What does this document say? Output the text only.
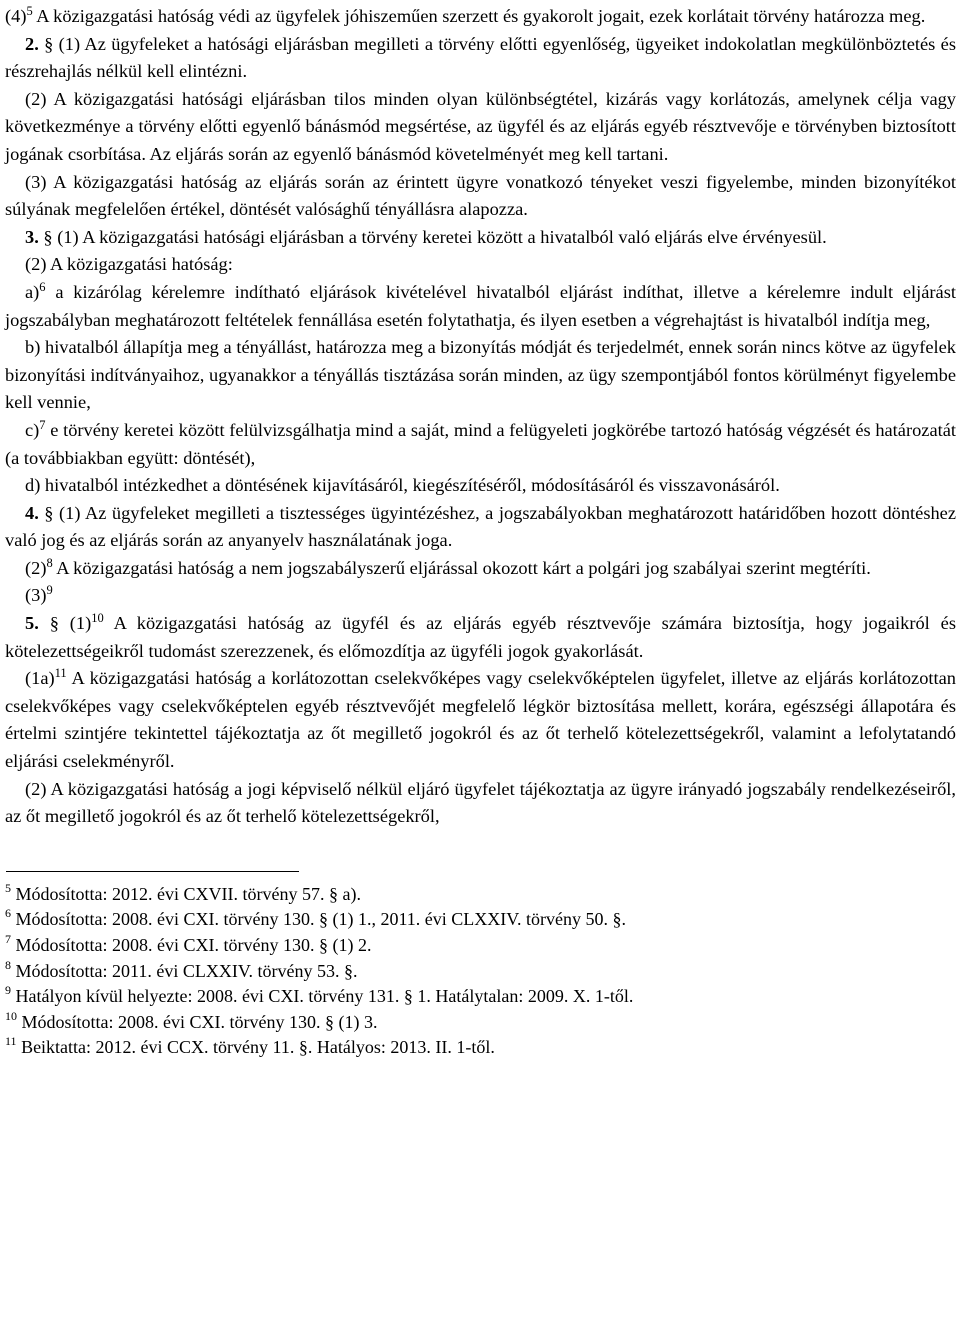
$(4)^5$ A közigazgatási hatóság védi az ügyfelek jóhiszeműen szerzett és gyakorolt jogait, ezek korlátait törvény határozza meg.

2. § (1) Az ügyfeleket a hatósági eljárásban megilleti a törvény előtti egyenlőség, ügyeiket indokolatlan megkülönböztetés és részrehajlás nélkül kell elintézni.

(2) A közigazgatási hatósági eljárásban tilos minden olyan különbségtétel, kizárás vagy korlátozás, amelynek célja vagy következménye a törvény előtti egyenlő bánásmód megsértése, az ügyfél és az eljárás egyéb résztvevője e törvényben biztosított jogának csorbítása. Az eljárás során az egyenlő bánásmód követelményét meg kell tartani.

(3) A közigazgatási hatóság az eljárás során az érintett ügyre vonatkozó tényeket veszi figyelembe, minden bizonyítékot súlyának megfelelően értékel, döntését valósághű tényállásra alapozza.

3. § (1) A közigazgatási hatósági eljárásban a törvény keretei között a hivatalból való eljárás elve érvényesül.

(2) A közigazgatási hatóság:

a)$^6$ a kizárólag kérelemre indítható eljárások kivételével hivatalból eljárást indíthat, illetve a kérelemre indult eljárást jogszabályban meghatározott feltételek fennállása esetén folytathatja, és ilyen esetben a végrehajtást is hivatalból indítja meg,

b) hivatalból állapítja meg a tényállást, határozza meg a bizonyítás módját és terjedelmét, ennek során nincs kötve az ügyfelek bizonyítási indítványaihoz, ugyanakkor a tényállás tisztázása során minden, az ügy szempontjából fontos körülményt figyelembe kell vennie,

c)$^7$ e törvény keretei között felülvizsgálhatja mind a saját, mind a felügyeleti jogkörébe tartozó hatóság végzését és határozatát (a továbbiakban együtt: döntését),

d) hivatalból intézkedhet a döntésének kijavításáról, kiegészítéséről, módosításáról és visszavonásáról.

4. § (1) Az ügyfeleket megilleti a tisztességes ügyintézéshez, a jogszabályokban meghatározott határidőben hozott döntéshez való jog és az eljárás során az anyanyelv használatának joga.

$(2)^8$ A közigazgatási hatóság a nem jogszabályszerű eljárással okozott kárt a polgári jog szabályai szerint megtéríti.

$(3)^9$

5. § $(1)^{10}$ A közigazgatási hatóság az ügyfél és az eljárás egyéb résztvevője számára biztosítja, hogy jogaikról és kötelezettségeikről tudomást szerezzenek, és előmozdítja az ügyféli jogok gyakorlását.

$(1a)^{11}$ A közigazgatási hatóság a korlátozottan cselekvőképes vagy cselekvőképtelen ügyfelet, illetve az eljárás korlátozottan cselekvőképes vagy cselekvőképtelen egyéb résztvevőjét megfelelő légkör biztosítása mellett, korára, egészségi állapotára és értelmi szintjére tekintettel tájékoztatja az őt megillető jogokról és az őt terhelő kötelezettségekről, valamint a lefolytatandó eljárási cselekményről.

(2) A közigazgatási hatóság a jogi képviselő nélkül eljáró ügyfelet tájékoztatja az ügyre irányadó jogszabály rendelkezéseiről, az őt megillető jogokról és az őt terhelő kötelezettségekről,

$^5$ Módosította: 2012. évi CXVII. törvény 57. § a).

$^6$ Módosította: 2008. évi CXI. törvény 130. § (1) 1., 2011. évi CLXXIV. törvény 50. §.

$^7$ Módosította: 2008. évi CXI. törvény 130. § (1) 2.

$^8$ Módosította: 2011. évi CLXXIV. törvény 53. §.

$^9$ Hatályon kívül helyezte: 2008. évi CXI. törvény 131. § 1. Hatálytalan: 2009. X. 1-től.

$^{10}$ Módosította: 2008. évi CXI. törvény 130. § (1) 3.

$^{11}$ Beiktatta: 2012. évi CCX. törvény 11. §. Hatályos: 2013. II. 1-től.
